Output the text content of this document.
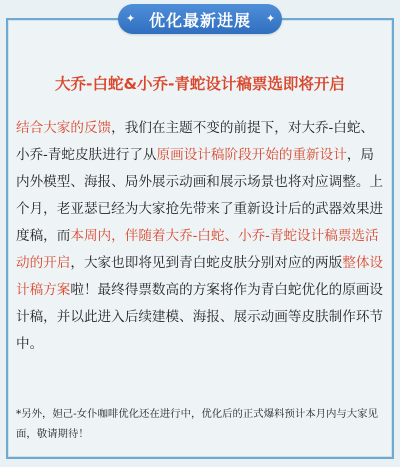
优化最新进展
✦	✦
大乔-白蛇&小乔-青蛇设计稿票选即将开启

结合大家的反馈，我们在主题不变的前提下，对大乔-白蛇、小乔-青蛇皮肤进行了从原画设计稿阶段开始的重新设计，局内外模型、海报、局外展示动画和展示场景也将对应调整。上个月，老亚瑟已经为大家抢先带来了重新设计后的武器效果进度稿，而本周内，伴随着大乔-白蛇、小乔-青蛇设计稿票选活动的开启，大家也即将见到青白蛇皮肤分别对应的两版整体设计稿方案啦！最终得票数高的方案将作为青白蛇优化的原画设计稿，并以此进入后续建模、海报、展示动画等皮肤制作环节中。

*另外，妲己-女仆咖啡优化还在进行中，优化后的正式爆料预计本月内与大家见面，敬请期待！
